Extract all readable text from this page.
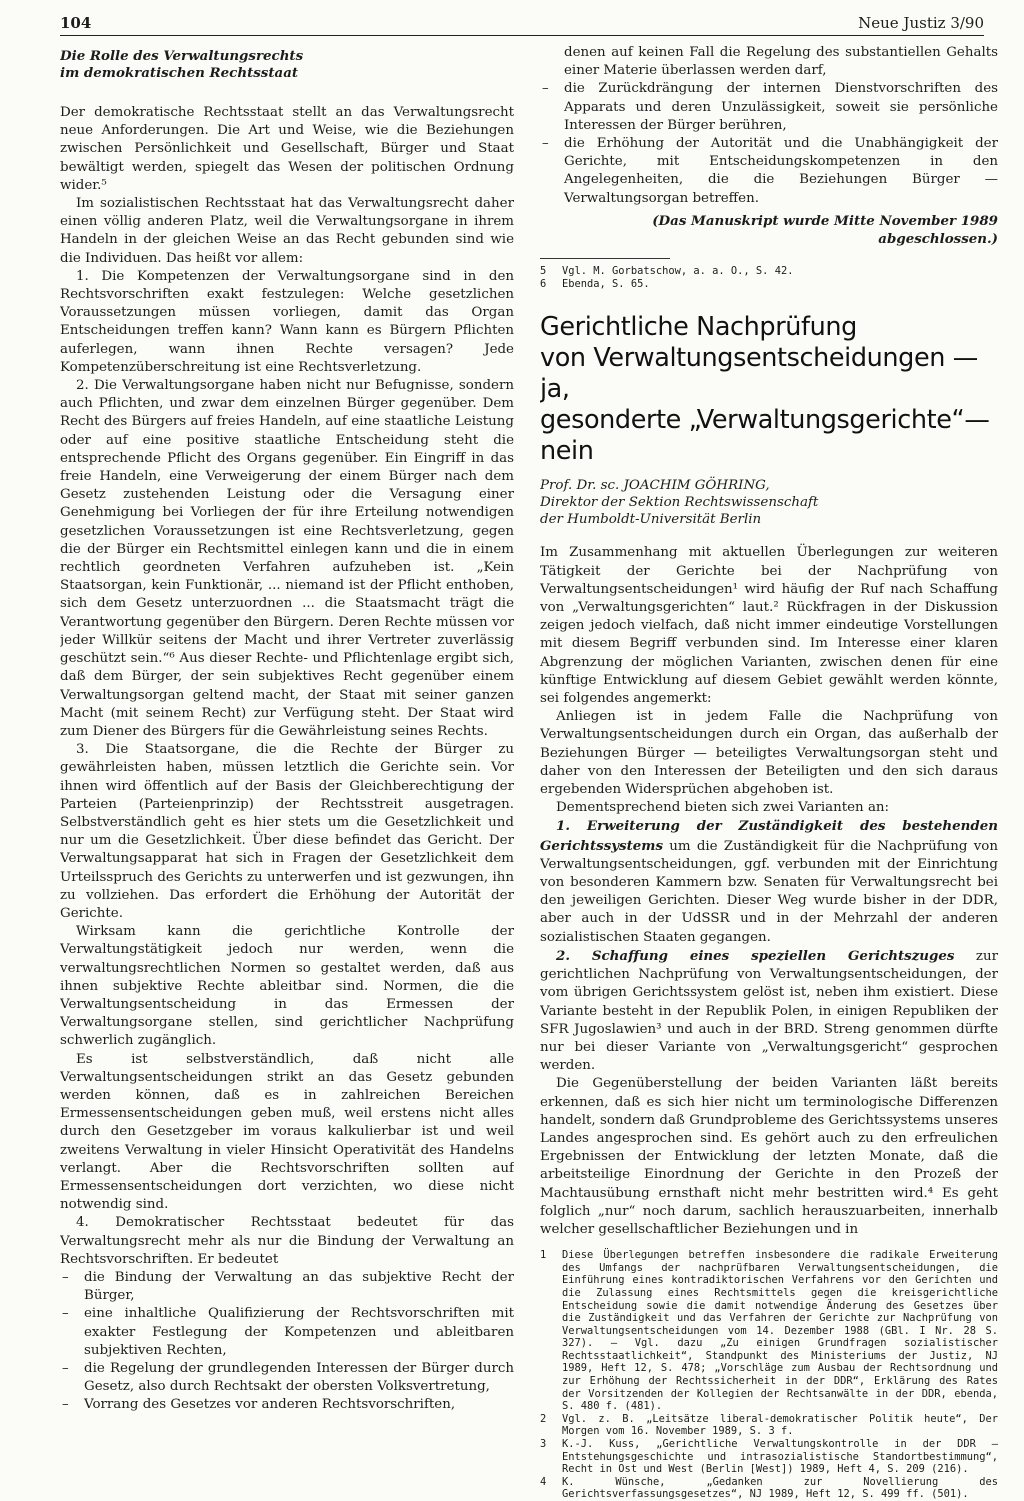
104	Neue Justiz 3/90
Die Rolle des Verwaltungsrechts
im demokratischen Rechtsstaat

Der demokratische Rechtsstaat stellt an das Verwaltungsrecht neue Anforderungen. Die Art und Weise, wie die Beziehungen zwischen Persönlichkeit und Gesellschaft, Bürger und Staat bewältigt werden, spiegelt das Wesen der politischen Ordnung wider.⁵

Im sozialistischen Rechtsstaat hat das Verwaltungsrecht daher einen völlig anderen Platz, weil die Verwaltungsorgane in ihrem Handeln in der gleichen Weise an das Recht gebunden sind wie die Individuen. Das heißt vor allem:

1. Die Kompetenzen der Verwaltungsorgane sind in den Rechtsvorschriften exakt festzulegen: Welche gesetzlichen Voraussetzungen müssen vorliegen, damit das Organ Entscheidungen treffen kann? Wann kann es Bürgern Pflichten auferlegen, wann ihnen Rechte versagen? Jede Kompetenzüberschreitung ist eine Rechtsverletzung.

2. Die Verwaltungsorgane haben nicht nur Befugnisse, sondern auch Pflichten, und zwar dem einzelnen Bürger gegenüber. Dem Recht des Bürgers auf freies Handeln, auf eine staatliche Leistung oder auf eine positive staatliche Entscheidung steht die entsprechende Pflicht des Organs gegenüber. Ein Eingriff in das freie Handeln, eine Verweigerung der einem Bürger nach dem Gesetz zustehenden Leistung oder die Versagung einer Genehmigung bei Vorliegen der für ihre Erteilung notwendigen gesetzlichen Voraussetzungen ist eine Rechtsverletzung, gegen die der Bürger ein Rechtsmittel einlegen kann und die in einem rechtlich geordneten Verfahren aufzuheben ist. „Kein Staatsorgan, kein Funktionär, ... niemand ist der Pflicht enthoben, sich dem Gesetz unterzuordnen ... die Staatsmacht trägt die Verantwortung gegenüber den Bürgern. Deren Rechte müssen vor jeder Willkür seitens der Macht und ihrer Vertreter zuverlässig geschützt sein.“⁶ Aus dieser Rechte- und Pflichtenlage ergibt sich, daß dem Bürger, der sein subjektives Recht gegenüber einem Verwaltungsorgan geltend macht, der Staat mit seiner ganzen Macht (mit seinem Recht) zur Verfügung steht. Der Staat wird zum Diener des Bürgers für die Gewährleistung seines Rechts.

3. Die Staatsorgane, die die Rechte der Bürger zu gewährleisten haben, müssen letztlich die Gerichte sein. Vor ihnen wird öffentlich auf der Basis der Gleichberechtigung der Parteien (Parteienprinzip) der Rechtsstreit ausgetragen. Selbstverständlich geht es hier stets um die Gesetzlichkeit und nur um die Gesetzlichkeit. Über diese befindet das Gericht. Der Verwaltungsapparat hat sich in Fragen der Gesetzlichkeit dem Urteilsspruch des Gerichts zu unterwerfen und ist gezwungen, ihn zu vollziehen. Das erfordert die Erhöhung der Autorität der Gerichte.

Wirksam kann die gerichtliche Kontrolle der Verwaltungstätigkeit jedoch nur werden, wenn die verwaltungsrechtlichen Normen so gestaltet werden, daß aus ihnen subjektive Rechte ableitbar sind. Normen, die die Verwaltungsentscheidung in das Ermessen der Verwaltungsorgane stellen, sind gerichtlicher Nachprüfung schwerlich zugänglich.

Es ist selbstverständlich, daß nicht alle Verwaltungsentscheidungen strikt an das Gesetz gebunden werden können, daß es in zahlreichen Bereichen Ermessensentscheidungen geben muß, weil erstens nicht alles durch den Gesetzgeber im voraus kalkulierbar ist und weil zweitens Verwaltung in vieler Hinsicht Operativität des Handelns verlangt. Aber die Rechtsvorschriften sollten auf Ermessensentscheidungen dort verzichten, wo diese nicht notwendig sind.

4. Demokratischer Rechtsstaat bedeutet für das Verwaltungsrecht mehr als nur die Bindung der Verwaltung an Rechtsvorschriften. Er bedeutet

– die Bindung der Verwaltung an das subjektive Recht der Bürger,
– eine inhaltliche Qualifizierung der Rechtsvorschriften mit exakter Festlegung der Kompetenzen und ableitbaren subjektiven Rechten,
– die Regelung der grundlegenden Interessen der Bürger durch Gesetz, also durch Rechtsakt der obersten Volksvertretung,
– Vorrang des Gesetzes vor anderen Rechtsvorschriften,

denen auf keinen Fall die Regelung des substantiellen Gehalts einer Materie überlassen werden darf,

– die Zurückdrängung der internen Dienstvorschriften des Apparats und deren Unzulässigkeit, soweit sie persönliche Interessen der Bürger berühren,
– die Erhöhung der Autorität und die Unabhängigkeit der Gerichte, mit Entscheidungskompetenzen in den Angelegenheiten, die die Beziehungen Bürger — Verwaltungsorgan betreffen.

(Das Manuskript wurde Mitte November 1989 abgeschlossen.)

5	Vgl. M. Gorbatschow, a. a. O., S. 42.
6	Ebenda, S. 65.
Gerichtliche Nachprüfung
von Verwaltungsentscheidungen — ja,
gesonderte „Verwaltungsgerichte“—nein
Prof. Dr. sc. JOACHIM GÖHRING,
Direktor der Sektion Rechtswissenschaft
der Humboldt-Universität Berlin

Im Zusammenhang mit aktuellen Überlegungen zur weiteren Tätigkeit der Gerichte bei der Nachprüfung von Verwaltungsentscheidungen¹ wird häufig der Ruf nach Schaffung von „Verwaltungsgerichten“ laut.² Rückfragen in der Diskussion zeigen jedoch vielfach, daß nicht immer eindeutige Vorstellungen mit diesem Begriff verbunden sind. Im Interesse einer klaren Abgrenzung der möglichen Varianten, zwischen denen für eine künftige Entwicklung auf diesem Gebiet gewählt werden könnte, sei folgendes angemerkt:

Anliegen ist in jedem Falle die Nachprüfung von Verwaltungsentscheidungen durch ein Organ, das außerhalb der Beziehungen Bürger — beteiligtes Verwaltungsorgan steht und daher von den Interessen der Beteiligten und den sich daraus ergebenden Widersprüchen abgehoben ist.

Dementsprechend bieten sich zwei Varianten an:

1. Erweiterung der Zuständigkeit des bestehenden Gerichtssystems um die Zuständigkeit für die Nachprüfung von Verwaltungsentscheidungen, ggf. verbunden mit der Einrichtung von besonderen Kammern bzw. Senaten für Verwaltungsrecht bei den jeweiligen Gerichten. Dieser Weg wurde bisher in der DDR, aber auch in der UdSSR und in der Mehrzahl der anderen sozialistischen Staaten gegangen.

2. Schaffung eines speziellen Gerichtszuges zur gerichtlichen Nachprüfung von Verwaltungsentscheidungen, der vom übrigen Gerichtssystem gelöst ist, neben ihm existiert. Diese Variante besteht in der Republik Polen, in einigen Republiken der SFR Jugoslawien³ und auch in der BRD. Streng genommen dürfte nur bei dieser Variante von „Verwaltungsgericht“ gesprochen werden.

Die Gegenüberstellung der beiden Varianten läßt bereits erkennen, daß es sich hier nicht um terminologische Differenzen handelt, sondern daß Grundprobleme des Gerichtssystems unseres Landes angesprochen sind. Es gehört auch zu den erfreulichen Ergebnissen der Entwicklung der letzten Monate, daß die arbeitsteilige Einordnung der Gerichte in den Prozeß der Machtausübung ernsthaft nicht mehr bestritten wird.⁴ Es geht folglich „nur“ noch darum, sachlich herauszuarbeiten, innerhalb welcher gesellschaftlicher Beziehungen und in

1	Diese Überlegungen betreffen insbesondere die radikale Erweiterung des Umfangs der nachprüfbaren Verwaltungsentscheidungen, die Einführung eines kontradiktorischen Verfahrens vor den Gerichten und die Zulassung eines Rechtsmittels gegen die kreisgerichtliche Entscheidung sowie die damit notwendige Änderung des Gesetzes über die Zuständigkeit und das Verfahren der Gerichte zur Nachprüfung von Verwaltungsentscheidungen vom 14. Dezember 1988 (GBl. I Nr. 28 S. 327). — Vgl. dazu „Zu einigen Grundfragen sozialistischer Rechtsstaatlichkeit“, Standpunkt des Ministeriums der Justiz, NJ 1989, Heft 12, S. 478; „Vorschläge zum Ausbau der Rechtsordnung und zur Erhöhung der Rechtssicherheit in der DDR“, Erklärung des Rates der Vorsitzenden der Kollegien der Rechtsanwälte in der DDR, ebenda, S. 480 f. (481).
2	Vgl. z. B. „Leitsätze liberal-demokratischer Politik heute“, Der Morgen vom 16. November 1989, S. 3 f.
3	K.-J. Kuss, „Gerichtliche Verwaltungskontrolle in der DDR — Entstehungsgeschichte und intrasozialistische Standortbestimmung“, Recht in Ost und West (Berlin [West]) 1989, Heft 4, S. 209 (216).
4	K. Wünsche, „Gedanken zur Novellierung des Gerichtsverfassungsgesetzes“, NJ 1989, Heft 12, S. 499 ff. (501).
